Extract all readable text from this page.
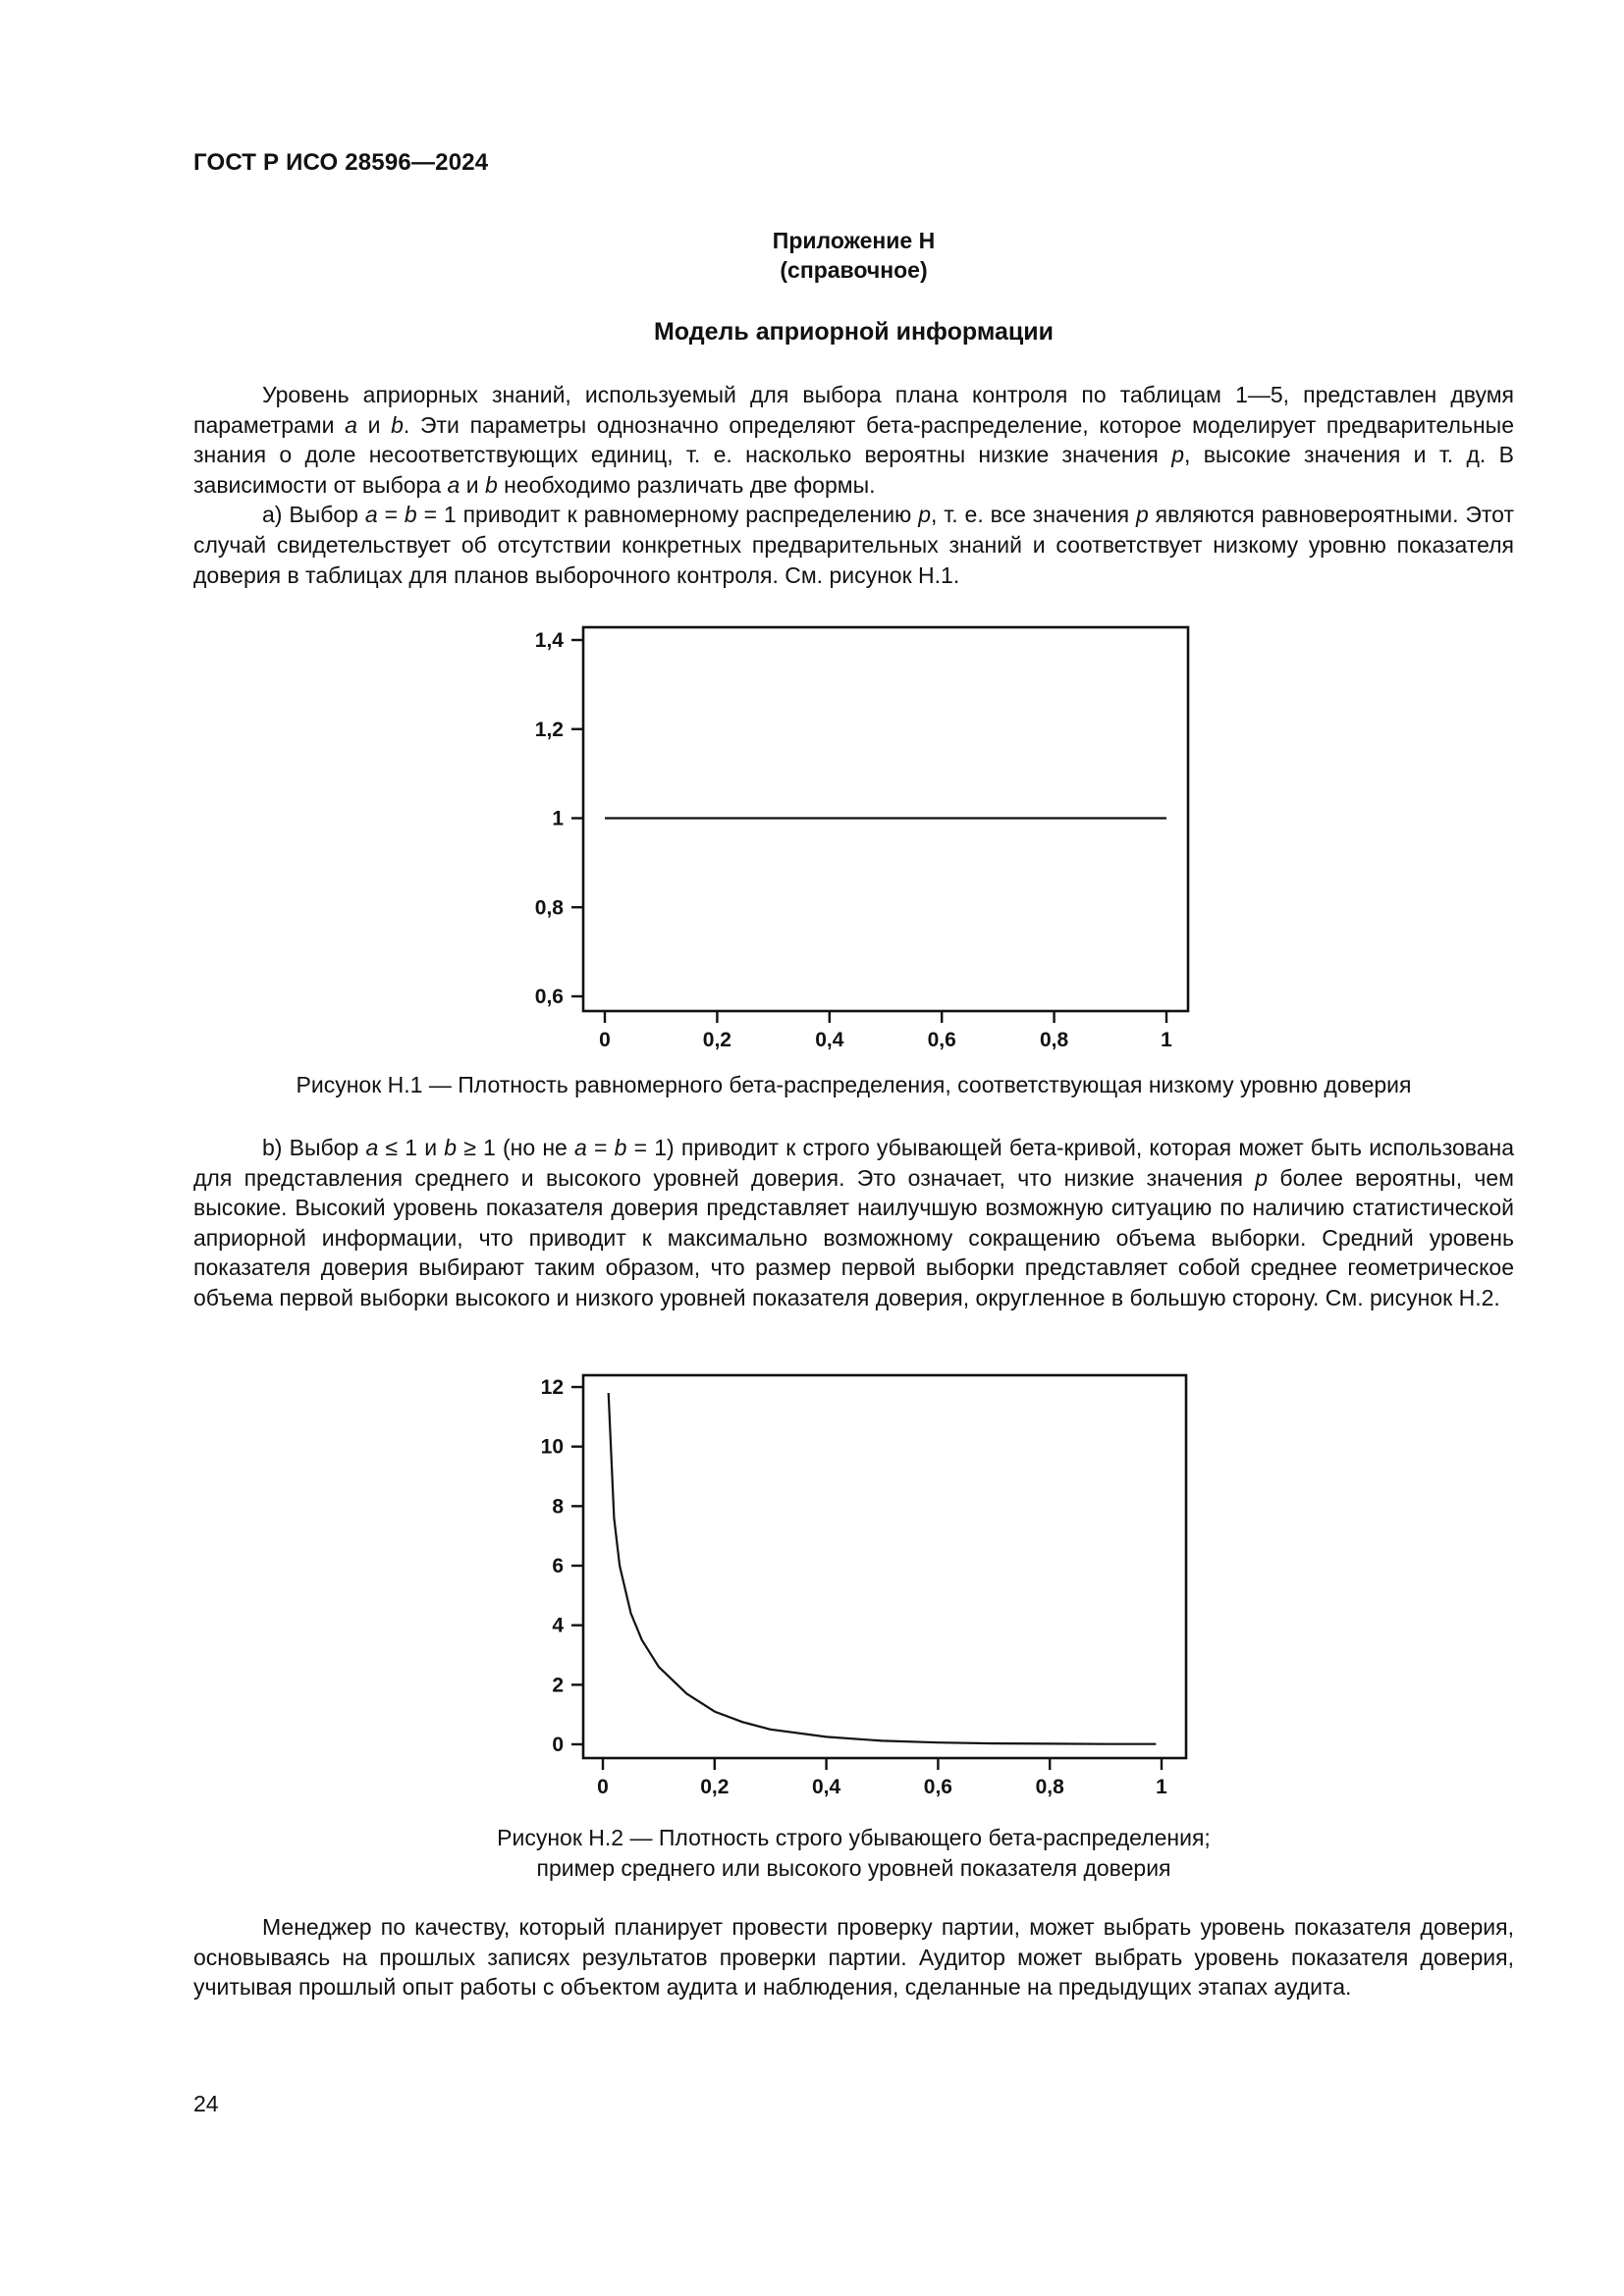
ГОСТ Р ИСО 28596—2024
Приложение Н
(справочное)
Модель априорной информации

Уровень априорных знаний, используемый для выбора плана контроля по таблицам 1—5, представлен двумя параметрами a и b. Эти параметры однозначно определяют бета-распределение, которое моделирует предварительные знания о доле несоответствующих единиц, т. е. насколько вероятны низкие значения p, высокие значения и т. д. В зависимости от выбора a и b необходимо различать две формы.

а) Выбор a = b = 1 приводит к равномерному распределению p, т. е. все значения p являются равновероятными. Этот случай свидетельствует об отсутствии конкретных предварительных знаний и соответствует низкому уровню показателя доверия в таблицах для планов выборочного контроля. См. рисунок Н.1.

0	0,2	0,4	0,6	0,8	1
1,4
1,2
1
0,8
0,6
0	0,2	0,4	0,6	0,8	1
12
10
8
6
4
2
0
Рисунок Н.1 — Плотность равномерного бета-распределения, соответствующая низкому уровню доверия

b) Выбор a ≤ 1 и b ≥ 1 (но не a = b = 1) приводит к строго убывающей бета-кривой, которая может быть использована для представления среднего и высокого уровней доверия. Это означает, что низкие значения p более вероятны, чем высокие. Высокий уровень показателя доверия представляет наилучшую возможную ситуацию по наличию статистической априорной информации, что приводит к максимально возможному сокращению объема выборки. Средний уровень показателя доверия выбирают таким образом, что размер первой выборки представляет собой среднее геометрическое объема первой выборки высокого и низкого уровней показателя доверия, округленное в большую сторону. См. рисунок Н.2.

Рисунок Н.2 — Плотность строго убывающего бета-распределения;
пример среднего или высокого уровней показателя доверия

Менеджер по качеству, который планирует провести проверку партии, может выбрать уровень показателя доверия, основываясь на прошлых записях результатов проверки партии. Аудитор может выбрать уровень показателя доверия, учитывая прошлый опыт работы с объектом аудита и наблюдения, сделанные на предыдущих этапах аудита.

24
